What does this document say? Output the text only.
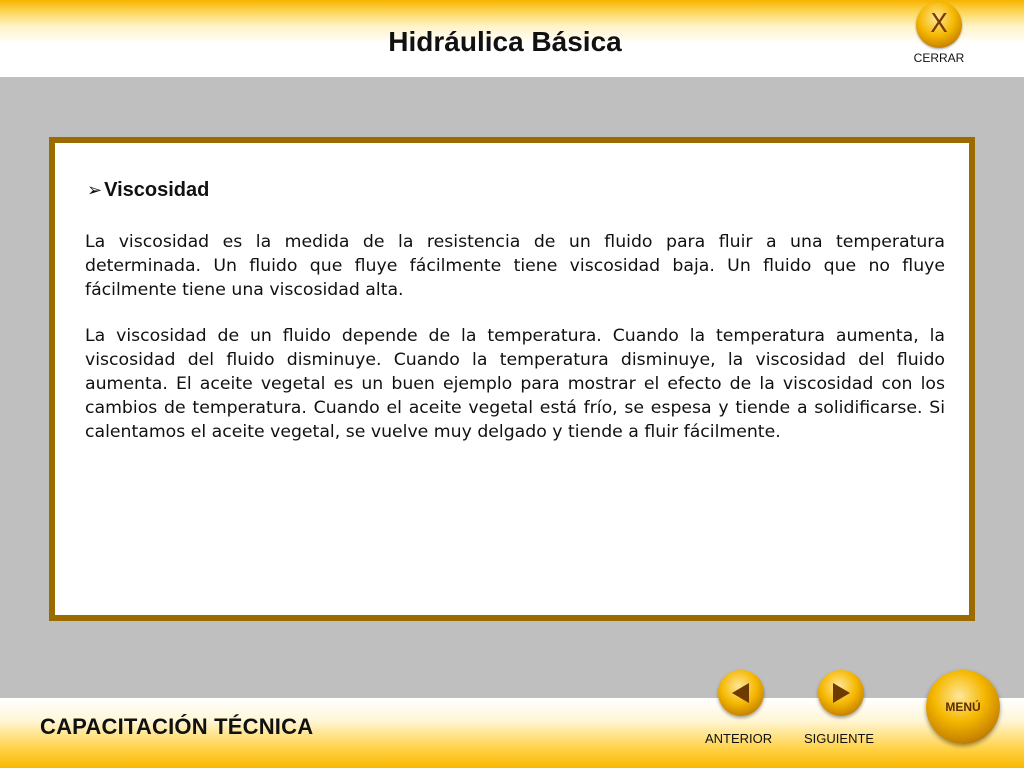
Hidráulica Básica
X
CERRAR
➢ Viscosidad

La viscosidad es la medida de la resistencia de un fluido para fluir a una temperatura determinada. Un fluido que fluye fácilmente tiene viscosidad baja. Un fluido que no fluye fácilmente tiene una viscosidad alta.

La viscosidad de un fluido depende de la temperatura. Cuando la temperatura aumenta, la viscosidad del fluido disminuye. Cuando la temperatura disminuye, la viscosidad del fluido aumenta. El aceite vegetal es un buen ejemplo para mostrar el efecto de la viscosidad con los cambios de temperatura. Cuando el aceite vegetal está frío, se espesa y tiende a solidificarse. Si calentamos el aceite vegetal, se vuelve muy delgado y tiende a fluir fácilmente.

CAPACITACIÓN TÉCNICA	ANTERIOR SIGUIENTE
MENÚ
